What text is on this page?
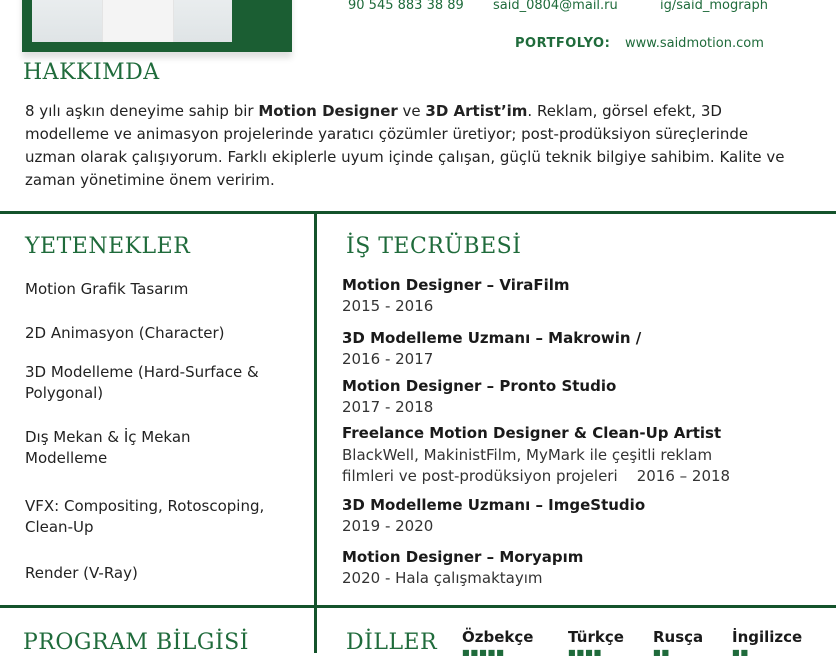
90 545 883 38 89 said_0804@mail.ru	ig/said_mograph
PORTFOLYO: www.saidmotion.com
HAKKIMDA
8 yılı aşkın deneyime sahip bir Motion Designer ve 3D Artist’im. Reklam, görsel efekt, 3D modelleme ve animasyon projelerinde yaratıcı çözümler üretiyor; post-prodüksiyon süreçlerinde uzman olarak çalışıyorum. Farklı ekiplerle uyum içinde çalışan, güçlü teknik bilgiye sahibim. Kalite ve zaman yönetimine önem veririm.
YETENEKLER
Motion Grafik Tasarım
2D Animasyon (Character)
3D Modelleme (Hard-Surface & Polygonal)
Dış Mekan & İç Mekan Modelleme
VFX: Compositing, Rotoscoping, Clean-Up
Render (V-Ray)
İŞ TECRÜBESİ
Motion Designer – ViraFilm
2015 - 2016
3D Modelleme Uzmanı – Makrowin /
2016 - 2017
Motion Designer – Pronto Studio
2017 - 2018
Freelance Motion Designer & Clean-Up Artist
BlackWell, MakinistFilm, MyMark ile çeşitli reklam
filmleri ve post-prodüksiyon projeleri    2016 – 2018
3D Modelleme Uzmanı – ImgeStudio
2019 - 2020
Motion Designer – Moryapım
2020 - Hala çalışmaktayım
PROGRAM BİLGİSİ	DİLLER Özbekçe Türkçe Rusça İngilizce
■■■■■	■■■■	■■	■■
